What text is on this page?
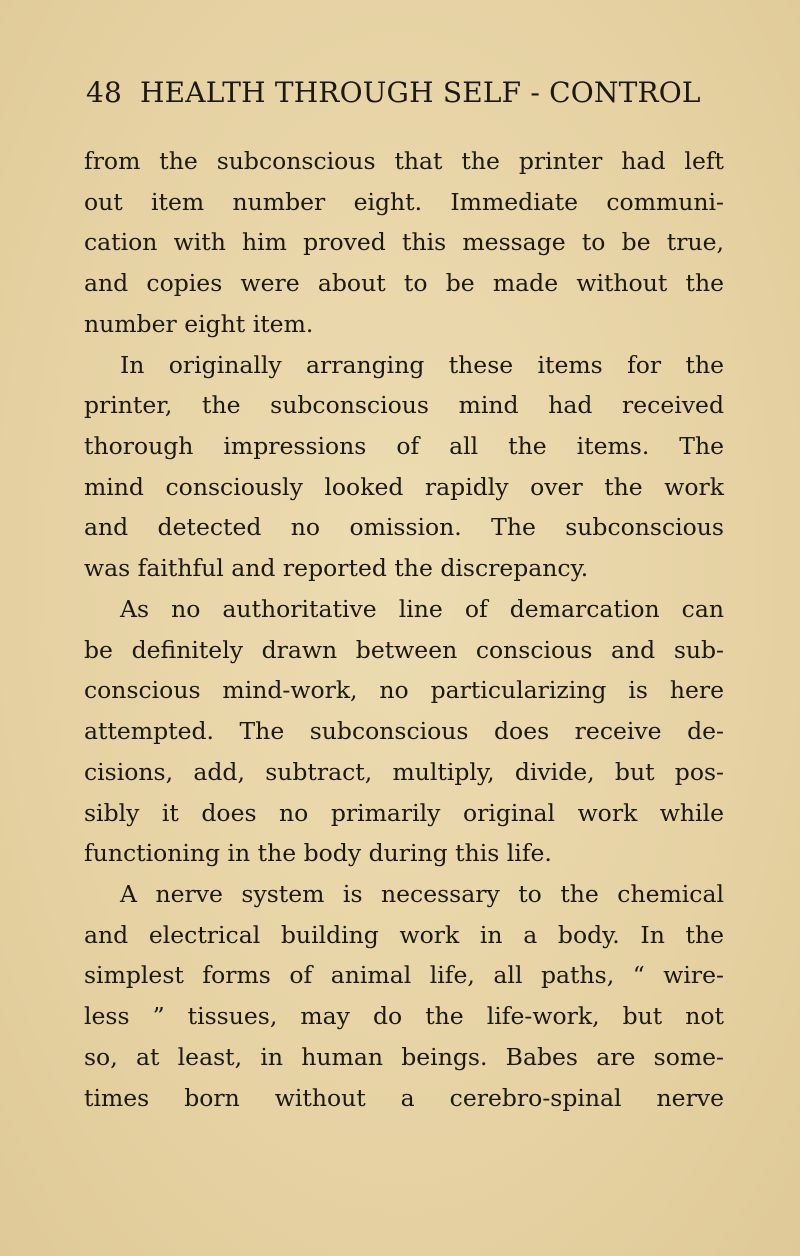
48 HEALTH THROUGH SELF - CONTROL
from the subconscious that the printer had left
out item number eight. Immediate communi-
cation with him proved this message to be true,
and copies were about to be made without the
number eight item.
In originally arranging these items for the
printer, the subconscious mind had received
thorough impressions of all the items. The
mind consciously looked rapidly over the work
and detected no omission. The subconscious
was faithful and reported the discrepancy.
As no authoritative line of demarcation can
be definitely drawn between conscious and sub-
conscious mind-work, no particularizing is here
attempted. The subconscious does receive de-
cisions, add, subtract, multiply, divide, but pos-
sibly it does no primarily original work while
functioning in the body during this life.
A nerve system is necessary to the chemical
and electrical building work in a body. In the
simplest forms of animal life, all paths, “ wire-
less ” tissues, may do the life-work, but not
so, at least, in human beings. Babes are some-
times born without a cerebro-spinal nerve
